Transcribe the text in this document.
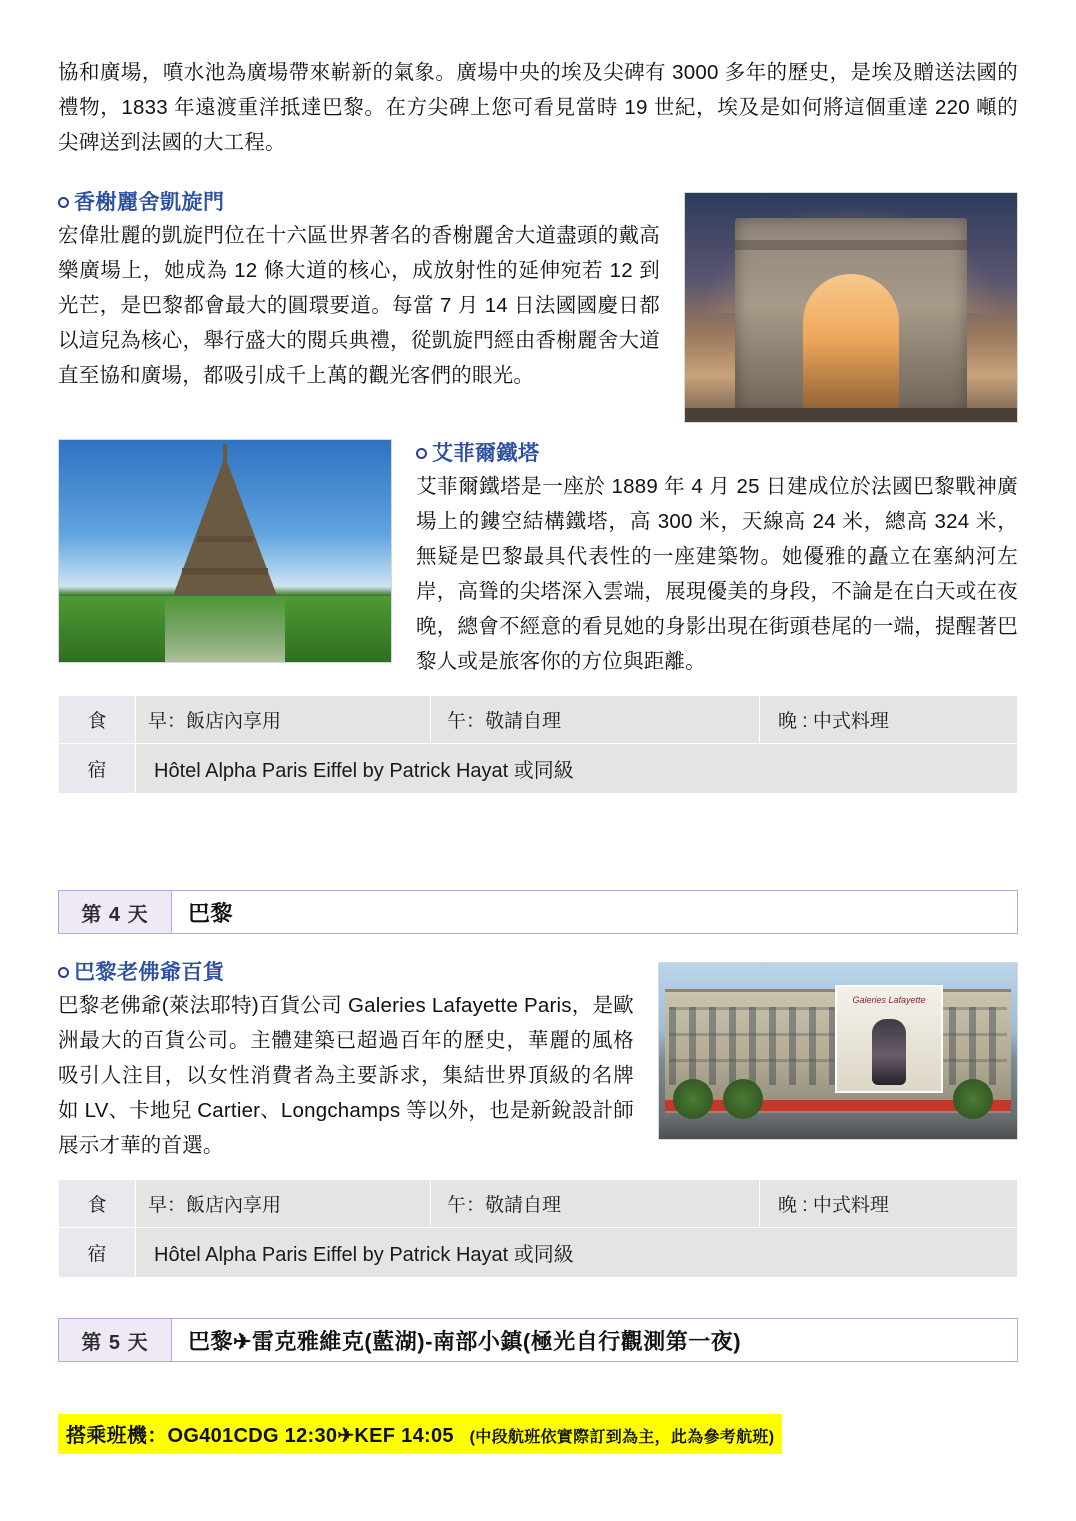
協和廣場，噴水池為廣場帶來嶄新的氣象。廣場中央的埃及尖碑有 3000 多年的歷史，是埃及贈送法國的禮物，1833 年遠渡重洋抵達巴黎。在方尖碑上您可看見當時 19 世紀，埃及是如何將這個重達 220 噸的尖碑送到法國的大工程。

香榭麗舍凱旋門

宏偉壯麗的凱旋門位在十六區世界著名的香榭麗舍大道盡頭的戴高樂廣場上，她成為 12 條大道的核心，成放射性的延伸宛若 12 到光芒，是巴黎都會最大的圓環要道。每當 7 月 14 日法國國慶日都以這兒為核心，舉行盛大的閱兵典禮，從凱旋門經由香榭麗舍大道直至協和廣場，都吸引成千上萬的觀光客們的眼光。

艾菲爾鐵塔

艾菲爾鐵塔是一座於 1889 年 4 月 25 日建成位於法國巴黎戰神廣場上的鏤空結構鐵塔，高 300 米，天線高 24 米，總高 324 米，無疑是巴黎最具代表性的一座建築物。她優雅的矗立在塞納河左岸，高聳的尖塔深入雲端，展現優美的身段，不論是在白天或在夜晚，總會不經意的看見她的身影出現在街頭巷尾的一端，提醒著巴黎人或是旅客你的方位與距離。

食	早：飯店內享用	午：敬請自理	晚 : 中式料理
宿	Hôtel Alpha Paris Eiffel by Patrick Hayat 或同級		
第 4 天	巴黎
Galeries Lafayette
巴黎老佛爺百貨

巴黎老佛爺(萊法耶特)百貨公司 Galeries Lafayette Paris，是歐洲最大的百貨公司。主體建築已超過百年的歷史，華麗的風格吸引人注目，以女性消費者為主要訴求，集結世界頂級的名牌如 LV、卡地兒 Cartier、Longchamps 等以外，也是新銳設計師展示才華的首選。

食	早：飯店內享用	午：敬請自理	晚 : 中式料理
宿	Hôtel Alpha Paris Eiffel by Patrick Hayat 或同級		
第 5 天	巴黎✈雷克雅維克(藍湖)-南部小鎮(極光自行觀測第一夜)
搭乘班機：OG401CDG 12:30✈KEF 14:05 (中段航班依實際訂到為主，此為參考航班)
